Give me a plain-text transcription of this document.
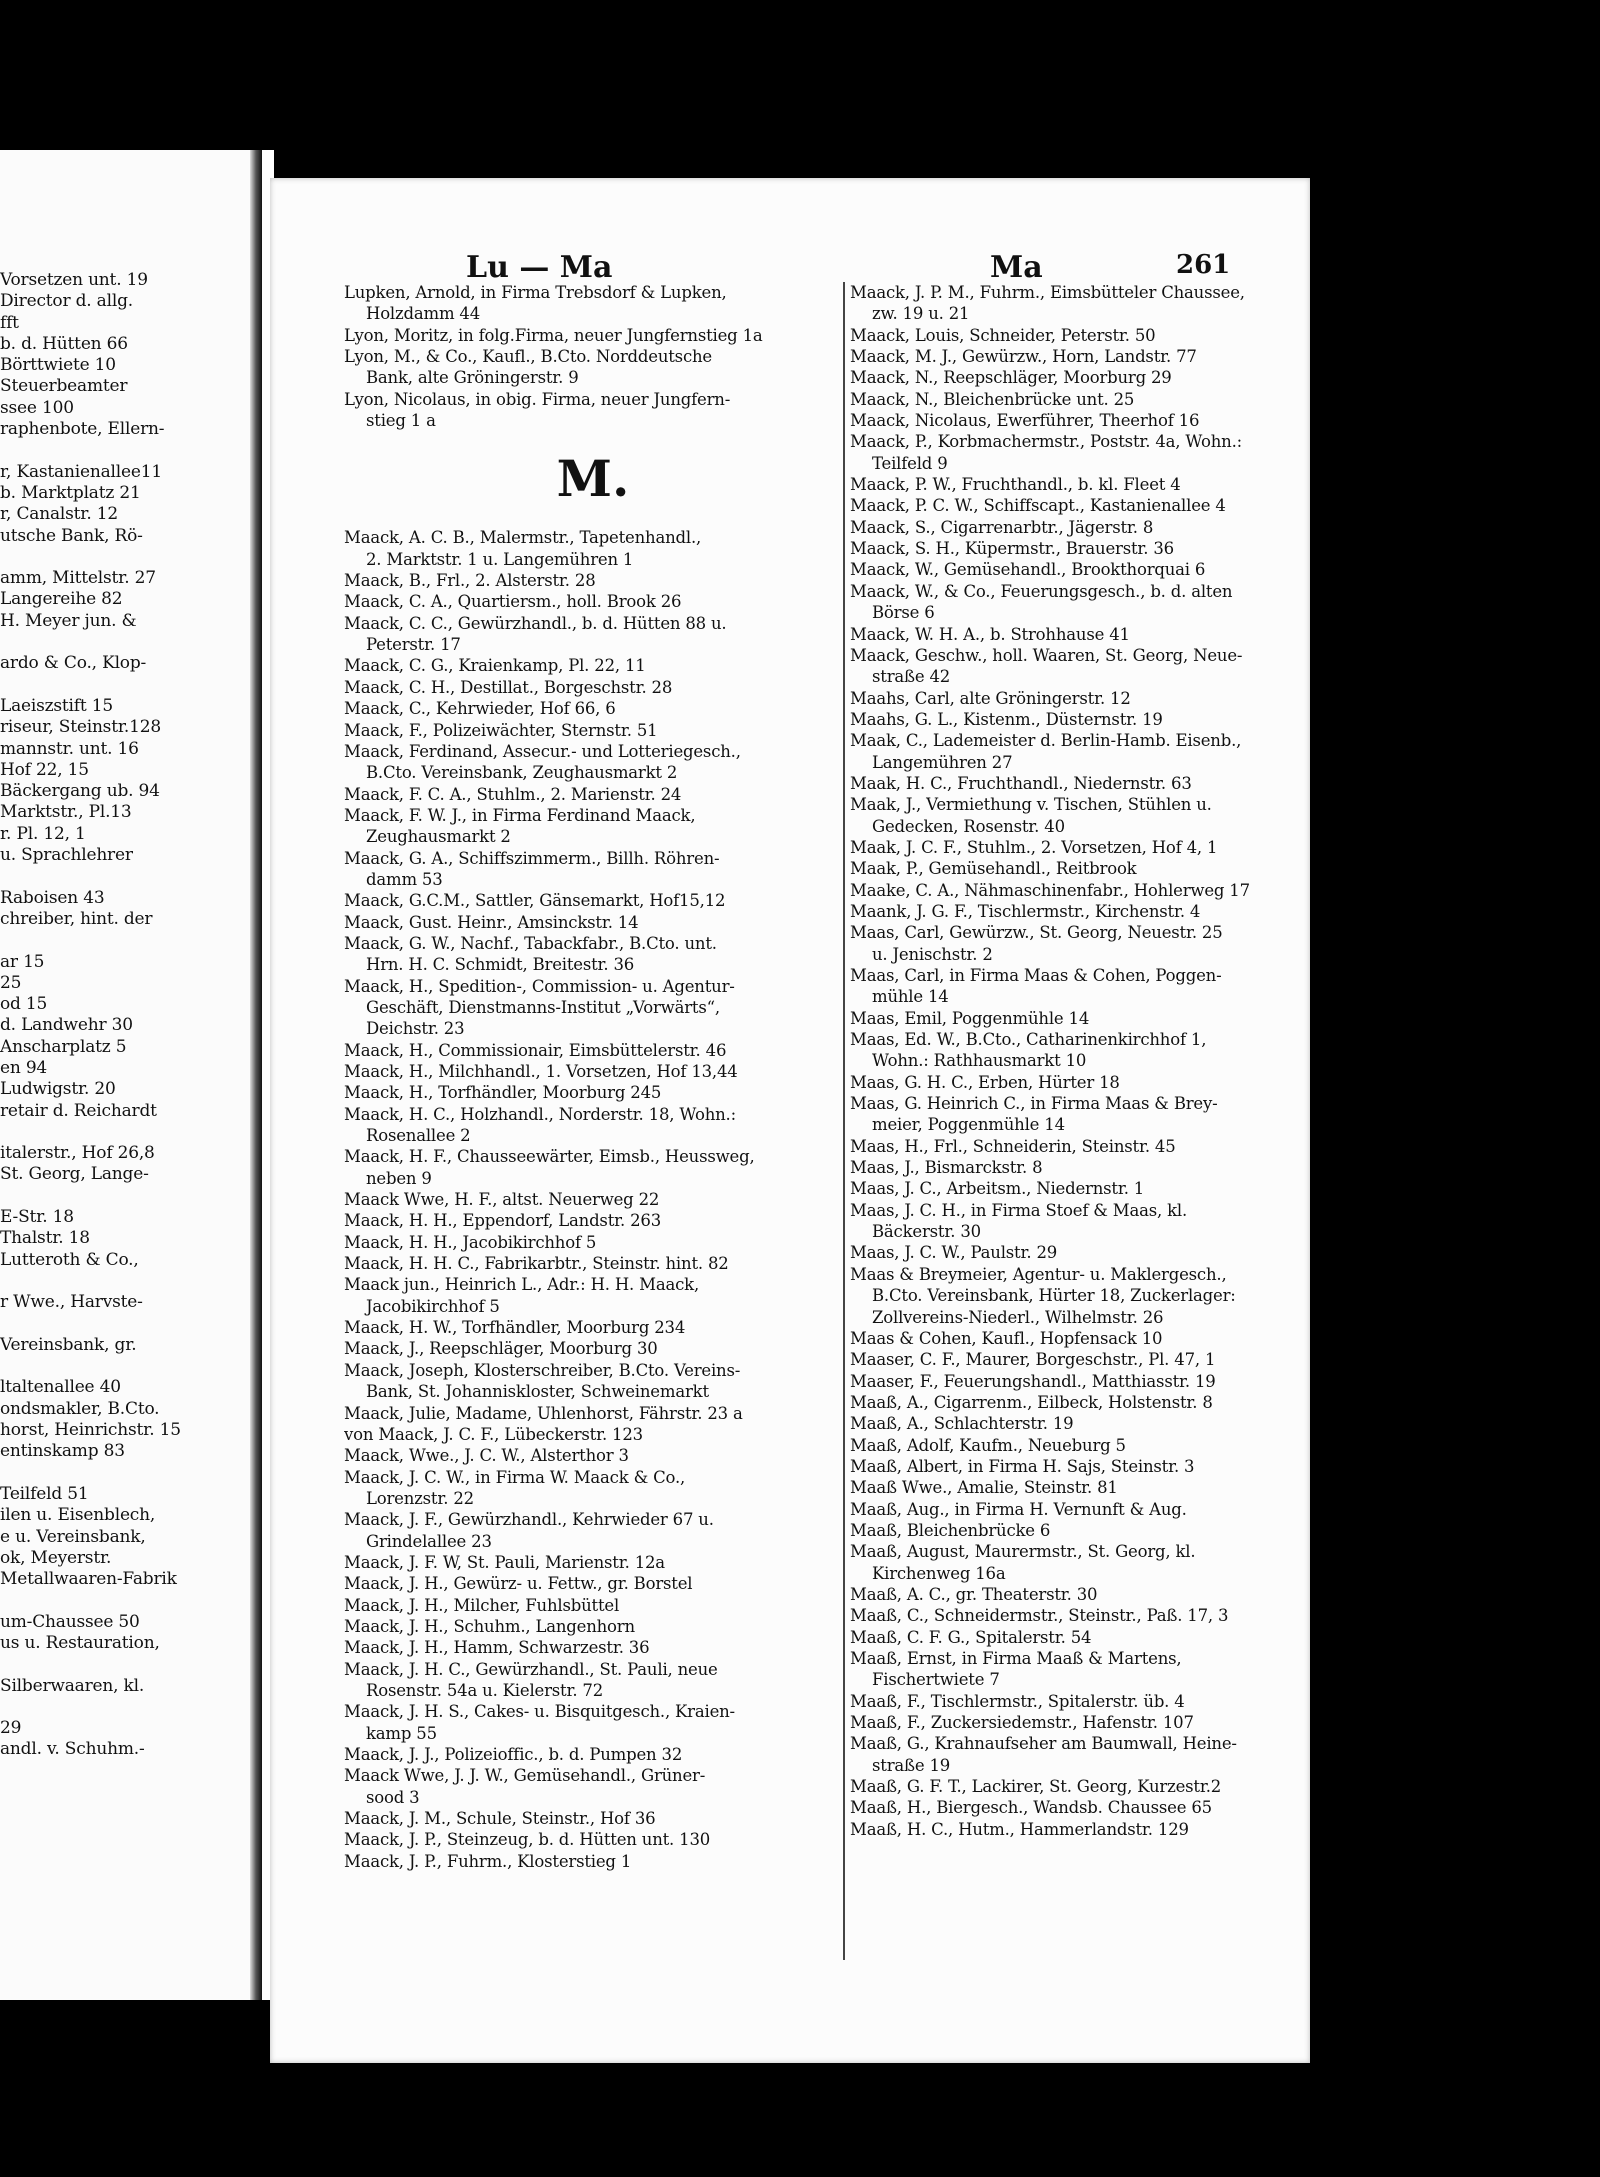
Vorsetzen unt. 19
Director d. allg.
fft
b. d. Hütten 66
Börttwiete 10
Steuerbeamter
ssee 100
raphenbote, Ellern-
r, Kastanienallee11
b. Marktplatz 21
r, Canalstr. 12
utsche Bank, Rö-
amm, Mittelstr. 27
Langereihe 82
H. Meyer jun. &
ardo & Co., Klop-
Laeiszstift 15
riseur, Steinstr.128
mannstr. unt. 16
Hof 22, 15
Bäckergang ub. 94
Marktstr., Pl.13
r. Pl. 12, 1
u. Sprachlehrer
Raboisen 43
chreiber, hint. der
ar 15
25
od 15
d. Landwehr 30
Anscharplatz 5
en 94
Ludwigstr. 20
retair d. Reichardt
italerstr., Hof 26,8
St. Georg, Lange-
E-Str. 18
Thalstr. 18
Lutteroth & Co.,
r Wwe., Harvste-
Vereinsbank, gr.
ltaltenallee 40
ondsmakler, B.Cto.
horst, Heinrichstr. 15
entinskamp 83
Teilfeld 51
ilen u. Eisenblech,
e u. Vereinsbank,
ok, Meyerstr.
Metallwaaren-Fabrik
um-Chaussee 50
us u. Restauration,
Silberwaaren, kl.
29
andl. v. Schuhm.-
Lu — Ma	Ma	261
Lupken, Arnold, in Firma Trebsdorf & Lupken,
Holzdamm 44
Lyon, Moritz, in folg.Firma, neuer Jungfernstieg 1a
Lyon, M., & Co., Kaufl., B.Cto. Norddeutsche
Bank, alte Gröningerstr. 9
Lyon, Nicolaus, in obig. Firma, neuer Jungfern-
stieg 1 a
M.
Maack, A. C. B., Malermstr., Tapetenhandl.,
2. Marktstr. 1 u. Langemühren 1
Maack, B., Frl., 2. Alsterstr. 28
Maack, C. A., Quartiersm., holl. Brook 26
Maack, C. C., Gewürzhandl., b. d. Hütten 88 u.
Peterstr. 17
Maack, C. G., Kraienkamp, Pl. 22, 11
Maack, C. H., Destillat., Borgeschstr. 28
Maack, C., Kehrwieder, Hof 66, 6
Maack, F., Polizeiwächter, Sternstr. 51
Maack, Ferdinand, Assecur.- und Lotteriegesch.,
B.Cto. Vereinsbank, Zeughausmarkt 2
Maack, F. C. A., Stuhlm., 2. Marienstr. 24
Maack, F. W. J., in Firma Ferdinand Maack,
Zeughausmarkt 2
Maack, G. A., Schiffszimmerm., Billh. Röhren-
damm 53
Maack, G.C.M., Sattler, Gänsemarkt, Hof15,12
Maack, Gust. Heinr., Amsinckstr. 14
Maack, G. W., Nachf., Tabackfabr., B.Cto. unt.
Hrn. H. C. Schmidt, Breitestr. 36
Maack, H., Spedition-, Commission- u. Agentur-
Geschäft, Dienstmanns-Institut „Vorwärts“,
Deichstr. 23
Maack, H., Commissionair, Eimsbüttelerstr. 46
Maack, H., Milchhandl., 1. Vorsetzen, Hof 13,44
Maack, H., Torfhändler, Moorburg 245
Maack, H. C., Holzhandl., Norderstr. 18, Wohn.:
Rosenallee 2
Maack, H. F., Chausseewärter, Eimsb., Heussweg,
neben 9
Maack Wwe, H. F., altst. Neuerweg 22
Maack, H. H., Eppendorf, Landstr. 263
Maack, H. H., Jacobikirchhof 5
Maack, H. H. C., Fabrikarbtr., Steinstr. hint. 82
Maack jun., Heinrich L., Adr.: H. H. Maack,
Jacobikirchhof 5
Maack, H. W., Torfhändler, Moorburg 234
Maack, J., Reepschläger, Moorburg 30
Maack, Joseph, Klosterschreiber, B.Cto. Vereins-
Bank, St. Johanniskloster, Schweinemarkt
Maack, Julie, Madame, Uhlenhorst, Fährstr. 23 a
von Maack, J. C. F., Lübeckerstr. 123
Maack, Wwe., J. C. W., Alsterthor 3
Maack, J. C. W., in Firma W. Maack & Co.,
Lorenzstr. 22
Maack, J. F., Gewürzhandl., Kehrwieder 67 u.
Grindelallee 23
Maack, J. F. W, St. Pauli, Marienstr. 12a
Maack, J. H., Gewürz- u. Fettw., gr. Borstel
Maack, J. H., Milcher, Fuhlsbüttel
Maack, J. H., Schuhm., Langenhorn
Maack, J. H., Hamm, Schwarzestr. 36
Maack, J. H. C., Gewürzhandl., St. Pauli, neue
Rosenstr. 54a u. Kielerstr. 72
Maack, J. H. S., Cakes- u. Bisquitgesch., Kraien-
kamp 55
Maack, J. J., Polizeioffic., b. d. Pumpen 32
Maack Wwe, J. J. W., Gemüsehandl., Grüner-
sood 3
Maack, J. M., Schule, Steinstr., Hof 36
Maack, J. P., Steinzeug, b. d. Hütten unt. 130
Maack, J. P., Fuhrm., Klosterstieg 1
Maack, J. P. M., Fuhrm., Eimsbütteler Chaussee,
zw. 19 u. 21
Maack, Louis, Schneider, Peterstr. 50
Maack, M. J., Gewürzw., Horn, Landstr. 77
Maack, N., Reepschläger, Moorburg 29
Maack, N., Bleichenbrücke unt. 25
Maack, Nicolaus, Ewerführer, Theerhof 16
Maack, P., Korbmachermstr., Poststr. 4a, Wohn.:
Teilfeld 9
Maack, P. W., Fruchthandl., b. kl. Fleet 4
Maack, P. C. W., Schiffscapt., Kastanienallee 4
Maack, S., Cigarrenarbtr., Jägerstr. 8
Maack, S. H., Küpermstr., Brauerstr. 36
Maack, W., Gemüsehandl., Brookthorquai 6
Maack, W., & Co., Feuerungsgesch., b. d. alten
Börse 6
Maack, W. H. A., b. Strohhause 41
Maack, Geschw., holl. Waaren, St. Georg, Neue-
straße 42
Maahs, Carl, alte Gröningerstr. 12
Maahs, G. L., Kistenm., Düsternstr. 19
Maak, C., Lademeister d. Berlin-Hamb. Eisenb.,
Langemühren 27
Maak, H. C., Fruchthandl., Niedernstr. 63
Maak, J., Vermiethung v. Tischen, Stühlen u.
Gedecken, Rosenstr. 40
Maak, J. C. F., Stuhlm., 2. Vorsetzen, Hof 4, 1
Maak, P., Gemüsehandl., Reitbrook
Maake, C. A., Nähmaschinenfabr., Hohlerweg 17
Maank, J. G. F., Tischlermstr., Kirchenstr. 4
Maas, Carl, Gewürzw., St. Georg, Neuestr. 25
u. Jenischstr. 2
Maas, Carl, in Firma Maas & Cohen, Poggen-
mühle 14
Maas, Emil, Poggenmühle 14
Maas, Ed. W., B.Cto., Catharinenkirchhof 1,
Wohn.: Rathhausmarkt 10
Maas, G. H. C., Erben, Hürter 18
Maas, G. Heinrich C., in Firma Maas & Brey-
meier, Poggenmühle 14
Maas, H., Frl., Schneiderin, Steinstr. 45
Maas, J., Bismarckstr. 8
Maas, J. C., Arbeitsm., Niedernstr. 1
Maas, J. C. H., in Firma Stoef & Maas, kl.
Bäckerstr. 30
Maas, J. C. W., Paulstr. 29
Maas & Breymeier, Agentur- u. Maklergesch.,
B.Cto. Vereinsbank, Hürter 18, Zuckerlager:
Zollvereins-Niederl., Wilhelmstr. 26
Maas & Cohen, Kaufl., Hopfensack 10
Maaser, C. F., Maurer, Borgeschstr., Pl. 47, 1
Maaser, F., Feuerungshandl., Matthiasstr. 19
Maaß, A., Cigarrenm., Eilbeck, Holstenstr. 8
Maaß, A., Schlachterstr. 19
Maaß, Adolf, Kaufm., Neueburg 5
Maaß, Albert, in Firma H. Sajs, Steinstr. 3
Maaß Wwe., Amalie, Steinstr. 81
Maaß, Aug., in Firma H. Vernunft & Aug.
Maaß, Bleichenbrücke 6
Maaß, August, Maurermstr., St. Georg, kl.
Kirchenweg 16a
Maaß, A. C., gr. Theaterstr. 30
Maaß, C., Schneidermstr., Steinstr., Paß. 17, 3
Maaß, C. F. G., Spitalerstr. 54
Maaß, Ernst, in Firma Maaß & Martens,
Fischertwiete 7
Maaß, F., Tischlermstr., Spitalerstr. üb. 4
Maaß, F., Zuckersiedemstr., Hafenstr. 107
Maaß, G., Krahnaufseher am Baumwall, Heine-
straße 19
Maaß, G. F. T., Lackirer, St. Georg, Kurzestr.2
Maaß, H., Biergesch., Wandsb. Chaussee 65
Maaß, H. C., Hutm., Hammerlandstr. 129
